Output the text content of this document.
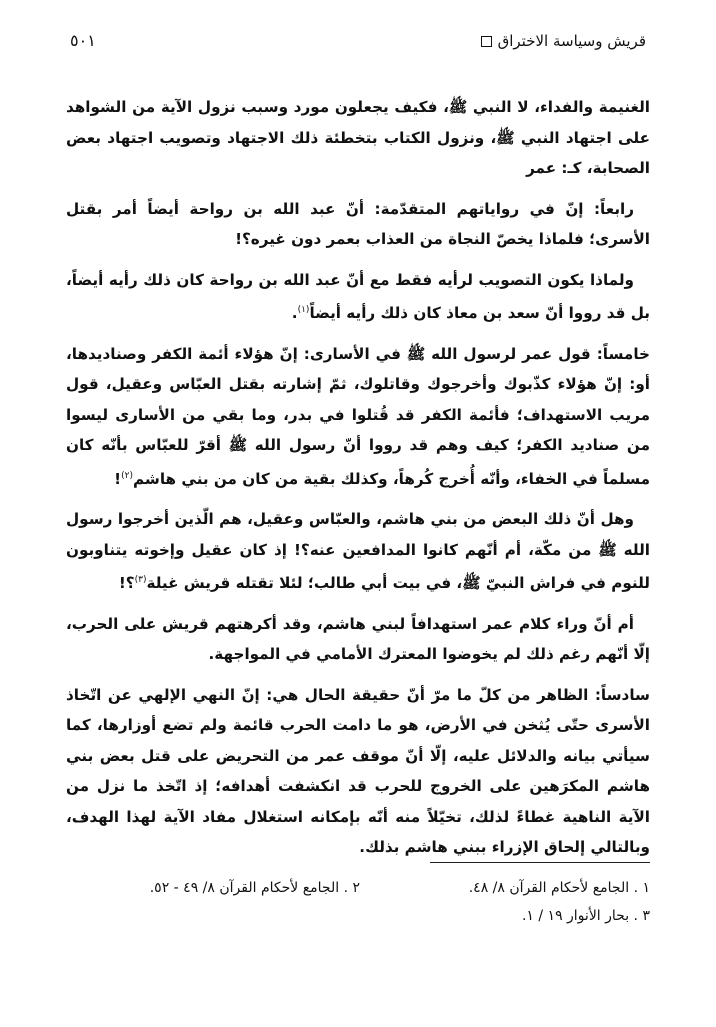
قريش وسياسة الاختراق
٥٠١

الغنيمة والفداء، لا النبي ﷺ، فكيف يجعلون مورد وسبب نزول الآية من الشواهد على اجتهاد النبي ﷺ، ونزول الكتاب بتخطئة ذلك الاجتهاد وتصويب اجتهاد بعض الصحابة، كـ: عمر

رابعاً: إنّ في رواياتهم المتقدّمة: أنّ عبد الله بن رواحة أيضاً أمر بقتل الأسرى؛ فلماذا يخصّ النجاة من العذاب بعمر دون غيره؟!

ولماذا يكون التصويب لرأيه فقط مع أنّ عبد الله بن رواحة كان ذلك رأيه أيضاً، بل قد رووا أنّ سعد بن معاذ كان ذلك رأيه أيضاً$^{(١)}$.

خامساً: قول عمر لرسول الله ﷺ في الأسارى: إنّ هؤلاء أئمة الكفر وصناديدها، أو: إنّ هؤلاء كذّبوك وأخرجوك وقاتلوك، ثمّ إشارته بقتل العبّاس وعقيل، قول مريب الاستهداف؛ فأئمة الكفر قد قُتلوا في بدر، وما بقي من الأسارى ليسوا من صناديد الكفر؛ كيف وهم قد رووا أنّ رسول الله ﷺ أقرّ للعبّاس بأنّه كان مسلماً في الخفاء، وأنّه أُخرج كُرهاً، وكذلك بقية من كان من بني هاشم$^{(٢)}$!

وهل أنّ ذلك البعض من بني هاشم، والعبّاس وعقيل، هم الّذين أخرجوا رسول الله ﷺ من مكّة، أم أنّهم كانوا المدافعين عنه؟! إذ كان عقيل وإخوته يتناوبون للنوم في فراش النبيّ ﷺ، في بيت أبي طالب؛ لئلا تقتله قريش غيلة$^{(٣)}$؟!

أم أنّ وراء كلام عمر استهدافاً لبني هاشم، وقد أكرهتهم قريش على الحرب، إلّا أنّهم رغم ذلك لم يخوضوا المعترك الأمامي في المواجهة.

سادساً: الظاهر من كلّ ما مرّ أنّ حقيقة الحال هي: إنّ النهي الإلهي عن اتّخاذ الأسرى حتّى يُثخن في الأرض، هو ما دامت الحرب قائمة ولم تضع أوزارها، كما سيأتي بيانه والدلائل عليه، إلّا أنّ موقف عمر من التحريض على قتل بعض بني هاشم المكرَهين على الخروج للحرب قد انكشفت أهدافه؛ إذ اتّخذ ما نزل من الآية الناهية غطاءً لذلك، تخيّلاً منه أنّه بإمكانه استغلال مفاد الآية لهذا الهدف، وبالتالي إلحاق الإزراء ببني هاشم بذلك.

١ . الجامع لأحكام القرآن ٨/ ٤٨.
٢ . الجامع لأحكام القرآن ٨/ ٤٩ - ٥٢.
٣ . بحار الأنوار ١٩ / ١.
